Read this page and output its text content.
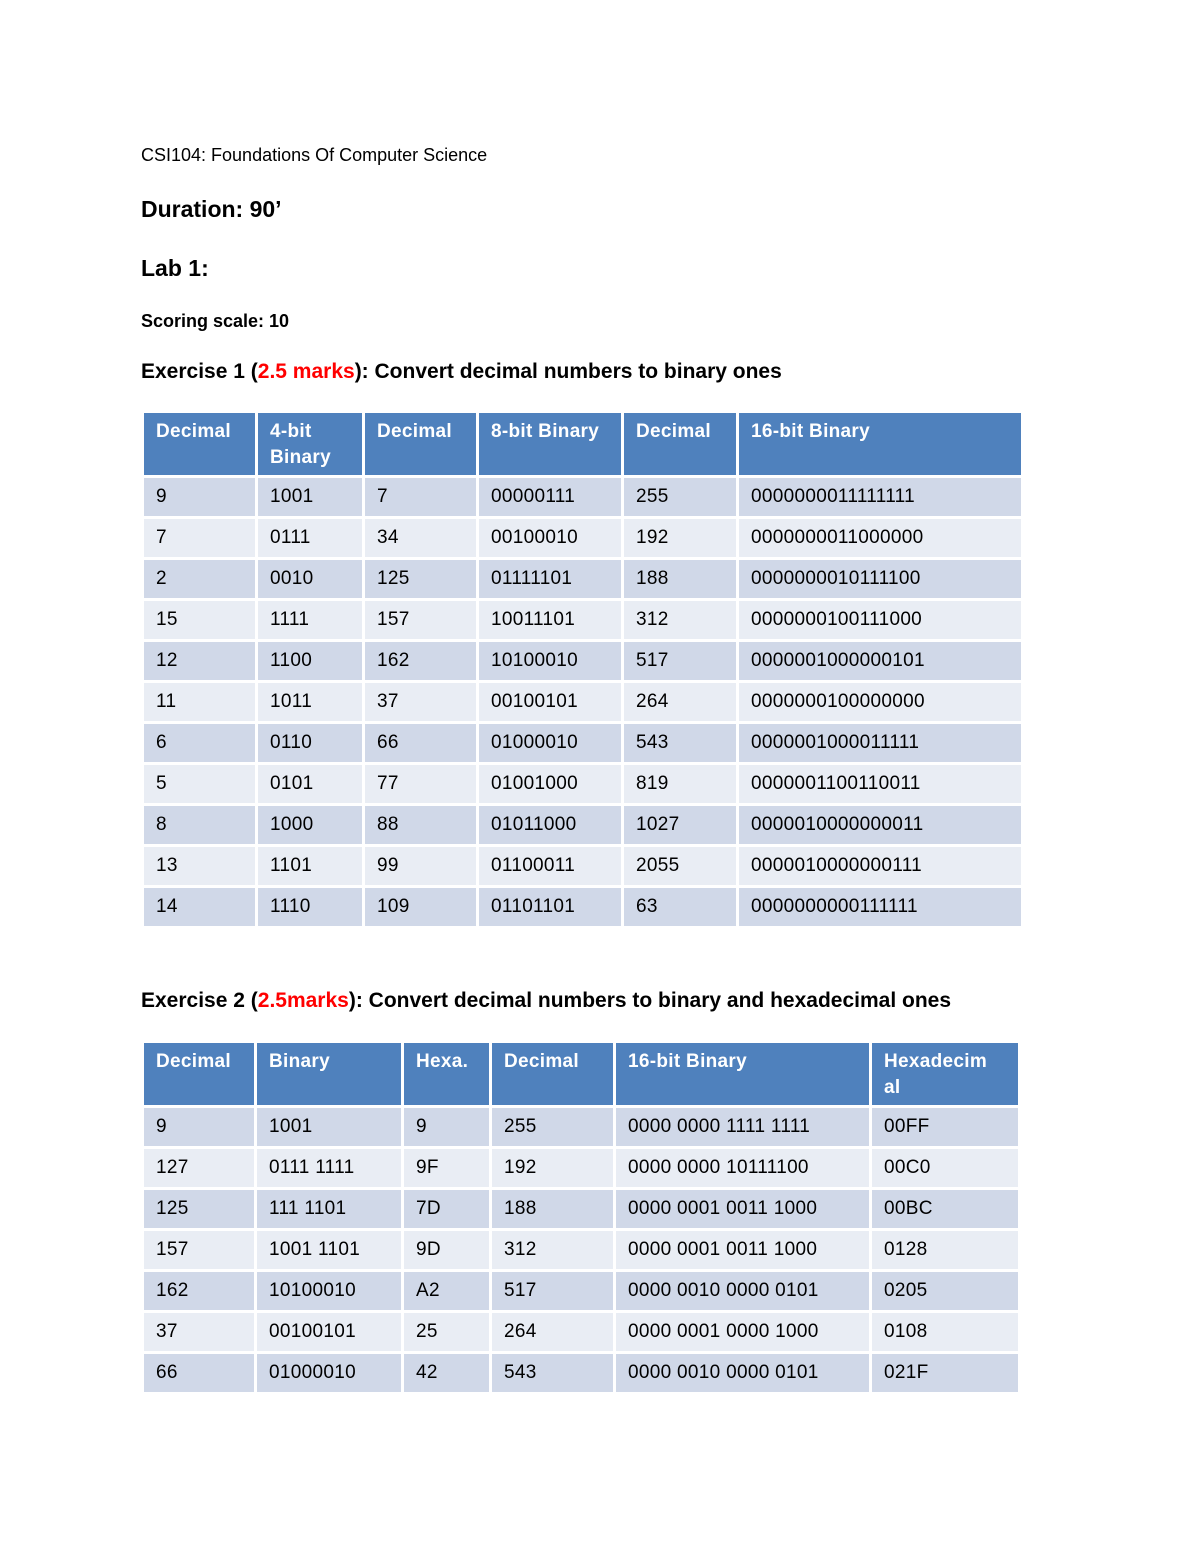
CSI104: Foundations Of Computer Science
Duration: 90’
Lab 1:
Scoring scale: 10
Exercise 1 (2.5 marks): Convert decimal numbers to binary ones
Decimal	4-bit Binary	Decimal	8-bit Binary	Decimal	16-bit Binary
9	1001	7	00000111	255	0000000011111111
7	0111	34	00100010	192	0000000011000000
2	0010	125	01111101	188	0000000010111100
15	1111	157	10011101	312	0000000100111000
12	1100	162	10100010	517	0000001000000101
11	1011	37	00100101	264	0000000100000000
6	0110	66	01000010	543	0000001000011111
5	0101	77	01001000	819	0000001100110011
8	1000	88	01011000	1027	0000010000000011
13	1101	99	01100011	2055	0000010000000111
14	1110	109	01101101	63	0000000000111111
Exercise 2 (2.5marks): Convert decimal numbers to binary and hexadecimal ones
Decimal	Binary	Hexa.	Decimal	16-bit Binary	Hexadecim al
9	1001	9	255	0000 0000 1111 1111	00FF
127	0111 1111	9F	192	0000 0000 10111100	00C0
125	111 1101	7D	188	0000 0001 0011 1000	00BC
157	1001 1101	9D	312	0000 0001 0011 1000	0128
162	10100010	A2	517	0000 0010 0000 0101	0205
37	00100101	25	264	0000 0001 0000 1000	0108
66	01000010	42	543	0000 0010 0000 0101	021F
